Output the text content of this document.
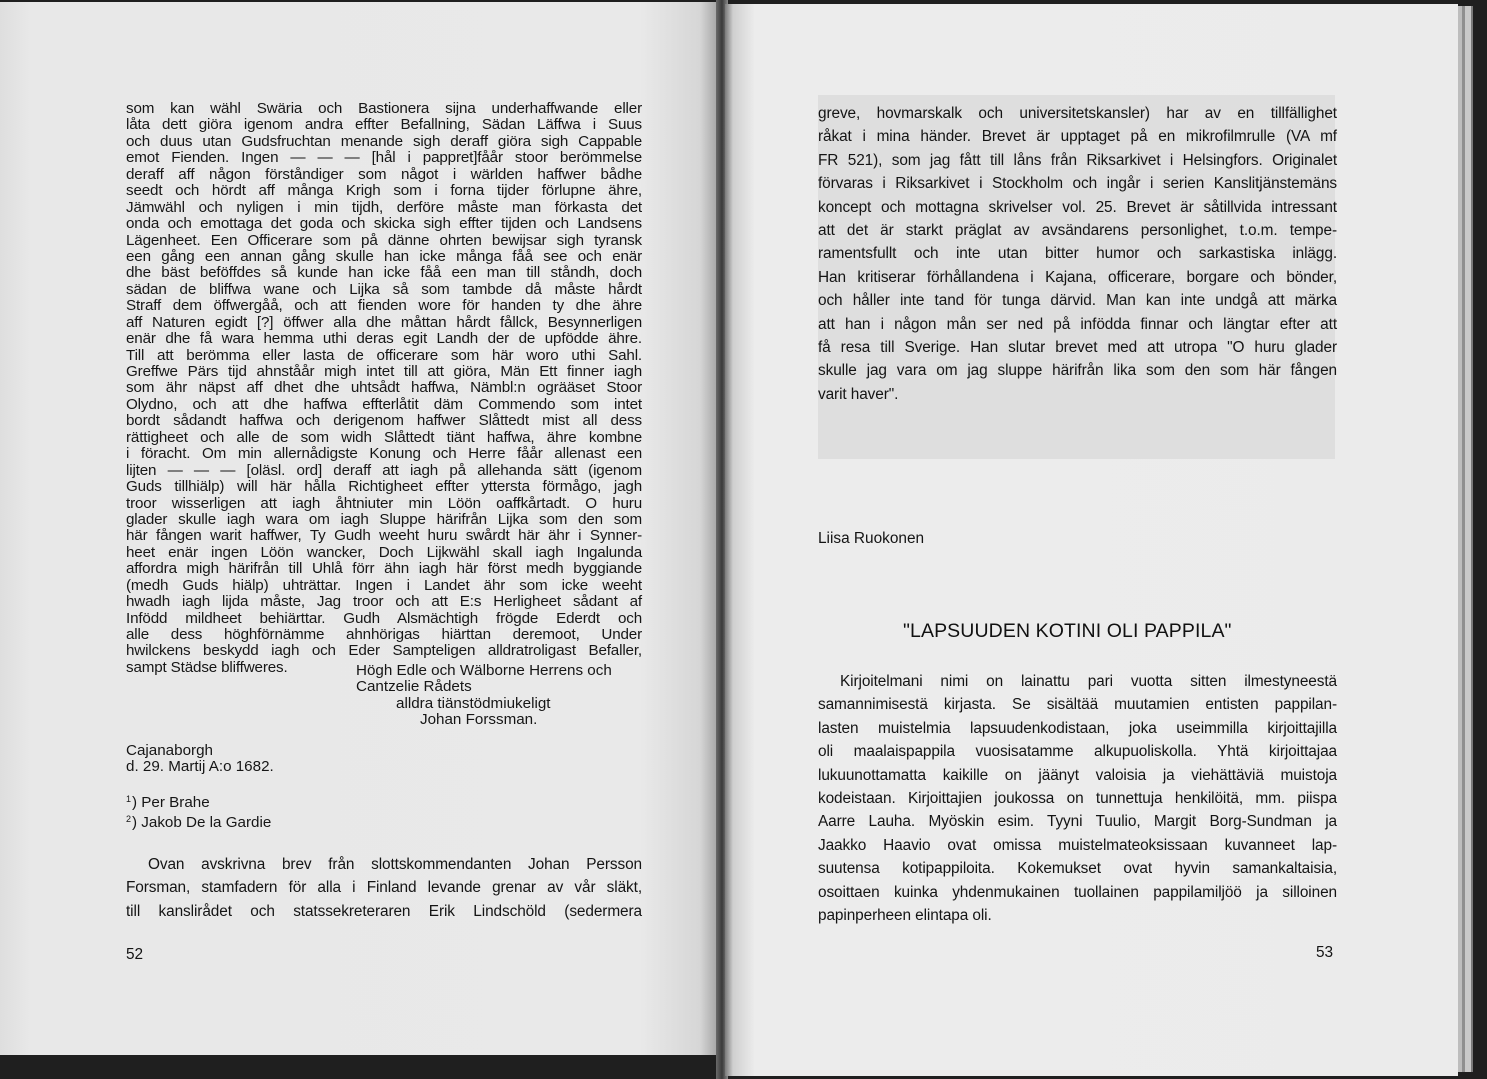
som kan wähl Swäria och Bastionera sijna underhaffwande eller
låta dett giöra igenom andra effter Befallning, Sädan Läffwa i Suus
och duus utan Gudsfruchtan menande sigh deraff giöra sigh Cappable
emot Fienden. Ingen — — — [hål i pappret]fåår stoor berömmelse
deraff aff någon förståndiger som något i wärlden haffwer bådhe
seedt och hördt aff många Krigh som i forna tijder förlupne ähre,
Jämwähl och nyligen i min tijdh, derföre måste man förkasta det
onda och emottaga det goda och skicka sigh effter tijden och Landsens
Lägenheet. Een Officerare som på dänne ohrten bewijsar sigh tyransk
een gång een annan gång skulle han icke många fåå see och enär
dhe bäst beföffdes så kunde han icke fåå een man till ståndh, doch
sädan de bliffwa wane och Lijka så som tambde då måste hårdt
Straff dem öffwergåå, och att fienden wore för handen ty dhe ähre
aff Naturen egidt [?] öffwer alla dhe måttan hårdt fållck, Besynnerligen
enär dhe få wara hemma uthi deras egit Landh der de upfödde ähre.
Till att berömma eller lasta de officerare som här woro uthi Sahl.
Greffwe Pärs tijd ahnståår migh intet till att giöra, Män Ett finner iagh
som ähr näpst aff dhet dhe uhtsådt haffwa, Nämbl:n ogrääset Stoor
Olydno, och att dhe haffwa effterlåtit däm Commendo som intet
bordt sådandt haffwa och derigenom haffwer Slåttedt mist all dess
rättigheet och alle de som widh Slåttedt tiänt haffwa, ähre kombne
i föracht. Om min allernådigste Konung och Herre fåår allenast een
lijten — — — [oläsl. ord] deraff att iagh på allehanda sätt (igenom
Guds tillhiälp) will här hålla Richtigheet effter yttersta förmågo, jagh
troor wisserligen att iagh åhtniuter min Löön oaffkårtadt. O huru
glader skulle iagh wara om iagh Sluppe härifrån Lijka som den som
här fången warit haffwer, Ty Gudh weeht huru swårdt här ähr i Synner-
heet enär ingen Löön wancker, Doch Lijkwähl skall iagh Ingalunda
affordra migh härifrån till Uhlå förr ähn iagh här först medh byggiande
(medh Guds hiälp) uhträttar. Ingen i Landet ähr som icke weeht
hwadh iagh lijda måste, Jag troor och att E:s Herligheet sådant af
Infödd mildheet behiärttar. Gudh Alsmächtigh frögde Ederdt och
alle dess höghförnämme ahnhörigas hiärttan deremoot, Under
hwilckens beskydd iagh och Eder Sampteligen alldratroligast Befaller,
sampt Städse bliffweres.	Högh Edle och Wälborne Herrens och
Cantzelie Rådets
alldra tiänstödmiukeligt
Johan Forssman.
Cajanaborgh
d. 29. Martij A:o 1682.
$^1$) Per Brahe
$^2$) Jakob De la Gardie
Ovan avskrivna brev från slottskommendanten Johan Persson
Forsman, stamfadern för alla i Finland levande grenar av vår släkt,
till kanslirådet och statssekreteraren Erik Lindschöld (sedermera
52
greve, hovmarskalk och universitetskansler) har av en tillfällighet
råkat i mina händer. Brevet är upptaget på en mikrofilmrulle (VA mf
FR 521), som jag fått till låns från Riksarkivet i Helsingfors. Originalet
förvaras i Riksarkivet i Stockholm och ingår i serien Kanslitjänstemäns
koncept och mottagna skrivelser vol. 25. Brevet är såtillvida intressant
att det är starkt präglat av avsändarens personlighet, t.o.m. tempe-
ramentsfullt och inte utan bitter humor och sarkastiska inlägg.
Han kritiserar förhållandena i Kajana, officerare, borgare och bönder,
och håller inte tand för tunga därvid. Man kan inte undgå att märka
att han i någon mån ser ned på infödda finnar och längtar efter att
få resa till Sverige. Han slutar brevet med att utropa "O huru glader
skulle jag vara om jag sluppe härifrån lika som den som här fången
varit haver".
Liisa Ruokonen
"LAPSUUDEN KOTINI OLI PAPPILA"
Kirjoitelmani nimi on lainattu pari vuotta sitten ilmestyneestä
samannimisestä kirjasta. Se sisältää muutamien entisten pappilan-
lasten muistelmia lapsuudenkodistaan, joka useimmilla kirjoittajilla
oli maalaispappila vuosisatamme alkupuoliskolla. Yhtä kirjoittajaa
lukuunottamatta kaikille on jäänyt valoisia ja viehättäviä muistoja
kodeistaan. Kirjoittajien joukossa on tunnettuja henkilöitä, mm. piispa
Aarre Lauha. Myöskin esim. Tyyni Tuulio, Margit Borg-Sundman ja
Jaakko Haavio ovat omissa muistelmateoksissaan kuvanneet lap-
suutensa kotipappiloita. Kokemukset ovat hyvin samankaltaisia,
osoittaen kuinka yhdenmukainen tuollainen pappilamiljöö ja silloinen
papinperheen elintapa oli.
53
